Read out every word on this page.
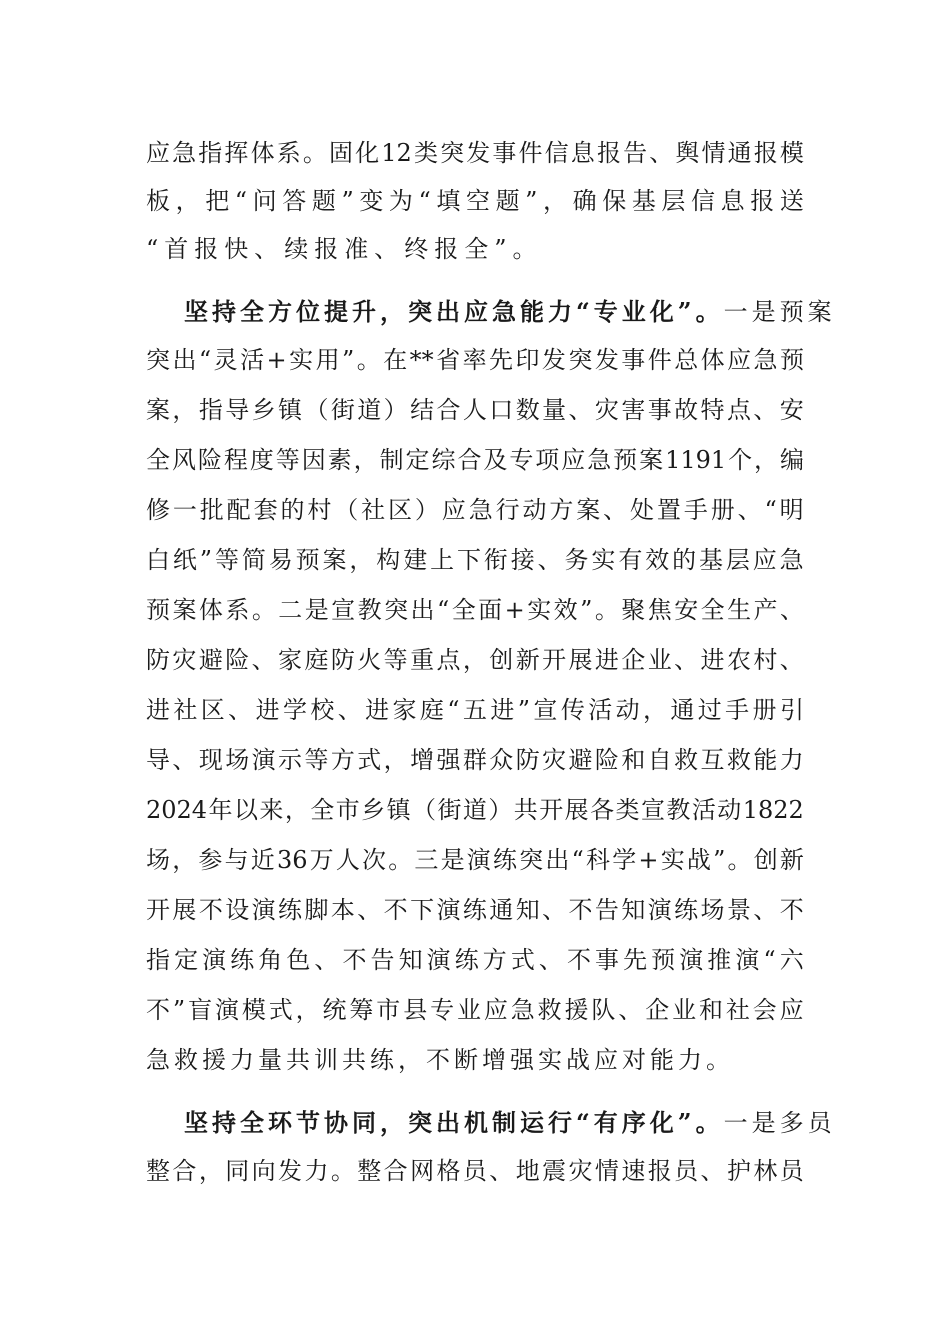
应 急 指 挥 体 系 。 固 化 12 类 突 发 事 件 信 息 报 告 、 舆 情 通 报 模
板 ， 把 “ 问 答 题 ” 变 为 “ 填 空 题 ” ， 确 保 基 层 信 息 报 送
“首报快、续报准、终报全”。
坚持全方位提升，突出应急能力“专业化”。 一是预案
突 出 “ 灵 活 + 实 用 ” 。 在 ** 省 率 先 印 发 突 发 事 件 总 体 应 急 预
案 ， 指 导 乡 镇 （ 街 道 ） 结 合 人 口 数 量 、 灾 害 事 故 特 点 、 安
全 风 险 程 度 等 因 素 ， 制 定 综 合 及 专 项 应 急 预 案 1191 个 ， 编
修 一 批 配 套 的 村 （ 社 区 ） 应 急 行 动 方 案 、 处 置 手 册 、 “ 明
白 纸 ” 等 简 易 预 案 ， 构 建 上 下 衔 接 、 务 实 有 效 的 基 层 应 急
预 案 体 系 。 二 是 宣 教 突 出 “ 全 面 + 实 效 ” 。 聚 焦 安 全 生 产 、
防 灾 避 险 、 家 庭 防 火 等 重 点 ， 创 新 开 展 进 企 业 、 进 农 村 、
进 社 区 、 进 学 校 、 进 家 庭 “ 五 进 ” 宣 传 活 动 ， 通 过 手 册 引
导 、 现 场 演 示 等 方 式 ， 增 强 群 众 防 灾 避 险 和 自 救 互 救 能 力
2024 年 以 来 ， 全 市 乡 镇 （ 街 道 ） 共 开 展 各 类 宣 教 活 动 1822
场 ， 参 与 近 36 万 人 次 。 三 是 演 练 突 出 “ 科 学 + 实 战 ” 。 创 新
开 展 不 设 演 练 脚 本 、 不 下 演 练 通 知 、 不 告 知 演 练 场 景 、 不
指 定 演 练 角 色 、 不 告 知 演 练 方 式 、 不 事 先 预 演 推 演 “ 六
不 ” 盲 演 模 式 ， 统 筹 市 县 专 业 应 急 救 援 队 、 企 业 和 社 会 应
急救援力量共训共练，不断增强实战应对能力。
坚持全环节协同，突出机制运行“有序化”。 一是多员
整 合 ， 同 向 发 力 。 整 合 网 格 员 、 地 震 灾 情 速 报 员 、 护 林 员
